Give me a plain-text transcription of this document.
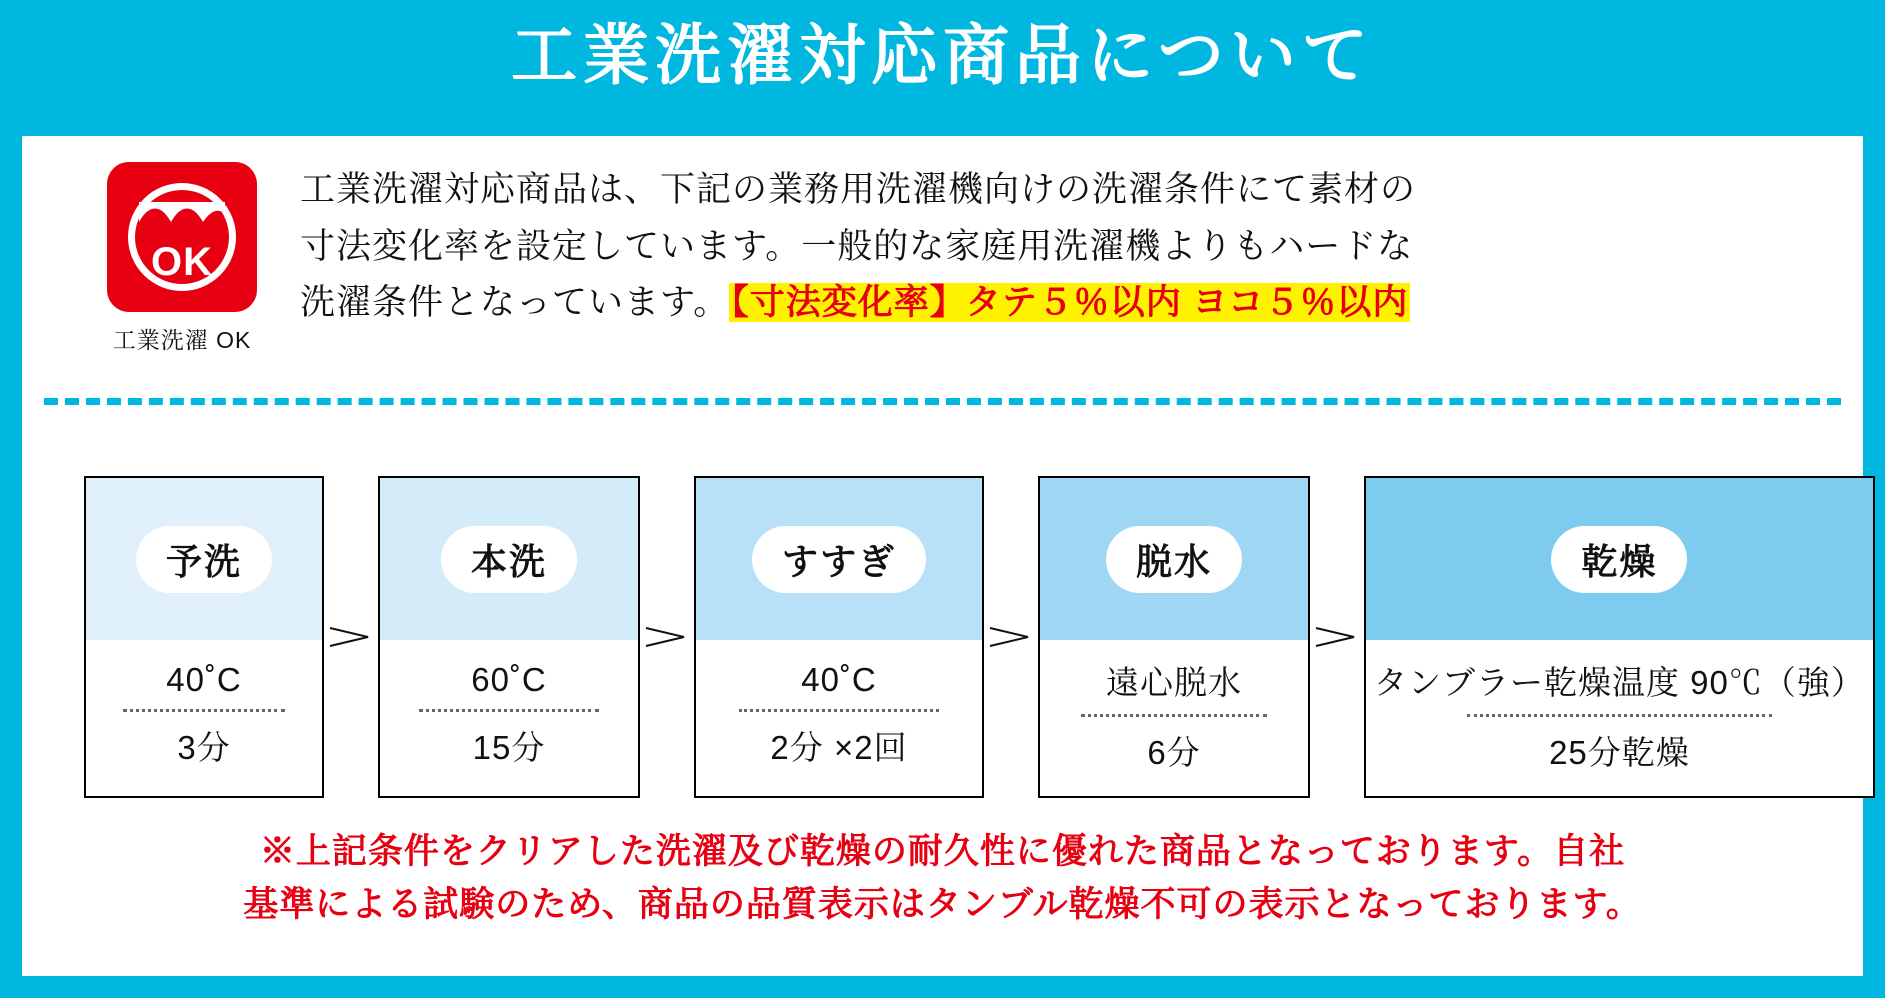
工業洗濯対応商品について
OK
工業洗濯 OK
工業洗濯対応商品は、下記の業務用洗濯機向けの洗濯条件にて素材の
寸法変化率を設定しています。一般的な家庭用洗濯機よりもハードな
洗濯条件となっています。【寸法変化率】タテ５％以内 ヨコ５％以内
予洗
40˚C
3分
本洗
60˚C
15分
すすぎ
40˚C
2分 ×2回
脱水
遠心脱水
6分
乾燥
タンブラー乾燥温度 90℃（強）
25分乾燥
※上記条件をクリアした洗濯及び乾燥の耐久性に優れた商品となっております。自社
基準による試験のため、商品の品質表示はタンブル乾燥不可の表示となっております。
